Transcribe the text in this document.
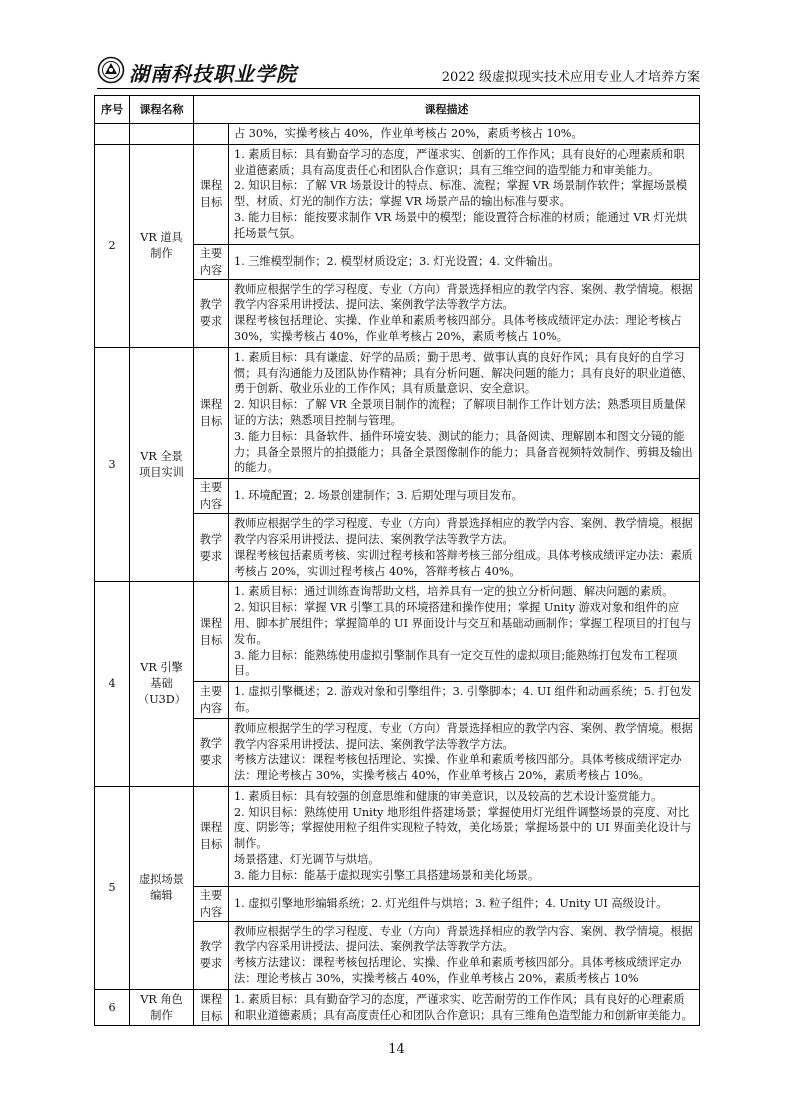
湖南科技职业学院	2022 级虚拟现实技术应用专业人才培养方案
序号	课程名称	课程描述	
			占 30%，实操考核占 40%，作业单考核占 20%，素质考核占 10%。
2	VR 道具制作	课程目标	1. 素质目标：具有勤奋学习的态度，严谨求实、创新的工作作风；具有良好的心理素质和职业道德素质；具有高度责任心和团队合作意识；具有三维空间的造型能力和审美能力。
2. 知识目标：了解 VR 场景设计的特点、标准、流程；掌握 VR 场景制作软件；掌握场景模型、材质、灯光的制作方法；掌握 VR 场景产品的输出标准与要求。
3. 能力目标：能按要求制作 VR 场景中的模型；能设置符合标准的材质；能通过 VR 灯光烘托场景气氛。

		主要内容	1. 三维模型制作；2. 模型材质设定；3. 灯光设置；4. 文件输出。

		教学要求	教师应根据学生的学习程度、专业（方向）背景选择相应的教学内容、案例、教学情境。根据教学内容采用讲授法、提问法、案例教学法等教学方法。
课程考核包括理论、实操、作业单和素质考核四部分。具体考核成绩评定办法：理论考核占 30%，实操考核占 40%，作业单考核占 20%，素质考核占 10%。

3	VR 全景项目实训	课程目标	1. 素质目标：具有谦虚、好学的品质；勤于思考、做事认真的良好作风；具有良好的自学习惯；具有沟通能力及团队协作精神；具有分析问题、解决问题的能力；具有良好的职业道德、勇于创新、敬业乐业的工作作风；具有质量意识、安全意识。
2. 知识目标：了解 VR 全景项目制作的流程；了解项目制作工作计划方法；熟悉项目质量保证的方法；熟悉项目控制与管理。
3. 能力目标：具备软件、插件环境安装、测试的能力；具备阅读、理解剧本和图文分镜的能力；具备全景照片的拍摄能力；具备全景图像制作的能力；具备音视频特效制作、剪辑及输出的能力。

		主要内容	1. 环境配置；2. 场景创建制作；3. 后期处理与项目发布。

		教学要求	教师应根据学生的学习程度、专业（方向）背景选择相应的教学内容、案例、教学情境。根据教学内容采用讲授法、提问法、案例教学法等教学方法。
课程考核包括素质考核、实训过程考核和答辩考核三部分组成。具体考核成绩评定办法：素质考核占 20%，实训过程考核占 40%，答辩考核占 40%。

4	VR 引擎基础（U3D）	课程目标	1. 素质目标：通过训练查询帮助文档，培养具有一定的独立分析问题、解决问题的素质。
2. 知识目标：掌握 VR 引擎工具的环境搭建和操作使用；掌握 Unity 游戏对象和组件的应用、脚本扩展组件；掌握简单的 UI 界面设计与交互和基础动画制作；掌握工程项目的打包与发布。
3. 能力目标：能熟练使用虚拟引擎制作具有一定交互性的虚拟项目;能熟练打包发布工程项目。

		主要内容	1. 虚拟引擎概述；2. 游戏对象和引擎组件；3. 引擎脚本；4. UI 组件和动画系统；5. 打包发布。

		教学要求	教师应根据学生的学习程度、专业（方向）背景选择相应的教学内容、案例、教学情境。根据教学内容采用讲授法、提问法、案例教学法等教学方法。
考核方法建议：课程考核包括理论、实操、作业单和素质考核四部分。具体考核成绩评定办法：理论考核占 30%，实操考核占 40%，作业单考核占 20%，素质考核占 10%。

5	虚拟场景编辑	课程目标	1. 素质目标：具有较强的创意思维和健康的审美意识，以及较高的艺术设计鉴赏能力。
2. 知识目标：熟练使用 Unity 地形组件搭建场景；掌握使用灯光组件调整场景的亮度、对比度、阴影等；掌握使用粒子组件实现粒子特效，美化场景；掌握场景中的 UI 界面美化设计与制作。
场景搭建、灯光调节与烘培。
3. 能力目标：能基于虚拟现实引擎工具搭建场景和美化场景。

		主要内容	1. 虚拟引擎地形编辑系统；2. 灯光组件与烘培；3. 粒子组件；4. Unity UI 高级设计。

		教学要求	教师应根据学生的学习程度、专业（方向）背景选择相应的教学内容、案例、教学情境。根据教学内容采用讲授法、提问法、案例教学法等教学方法。
考核方法建议：课程考核包括理论、实操、作业单和素质考核四部分。具体考核成绩评定办法：理论考核占 30%，实操考核占 40%，作业单考核占 20%，素质考核占 10%

6	VR 角色制作	课程目标	1. 素质目标：具有勤奋学习的态度，严谨求实、吃苦耐劳的工作作风；具有良好的心理素质和职业道德素质；具有高度责任心和团队合作意识；具有三维角色造型能力和创新审美能力。
14
